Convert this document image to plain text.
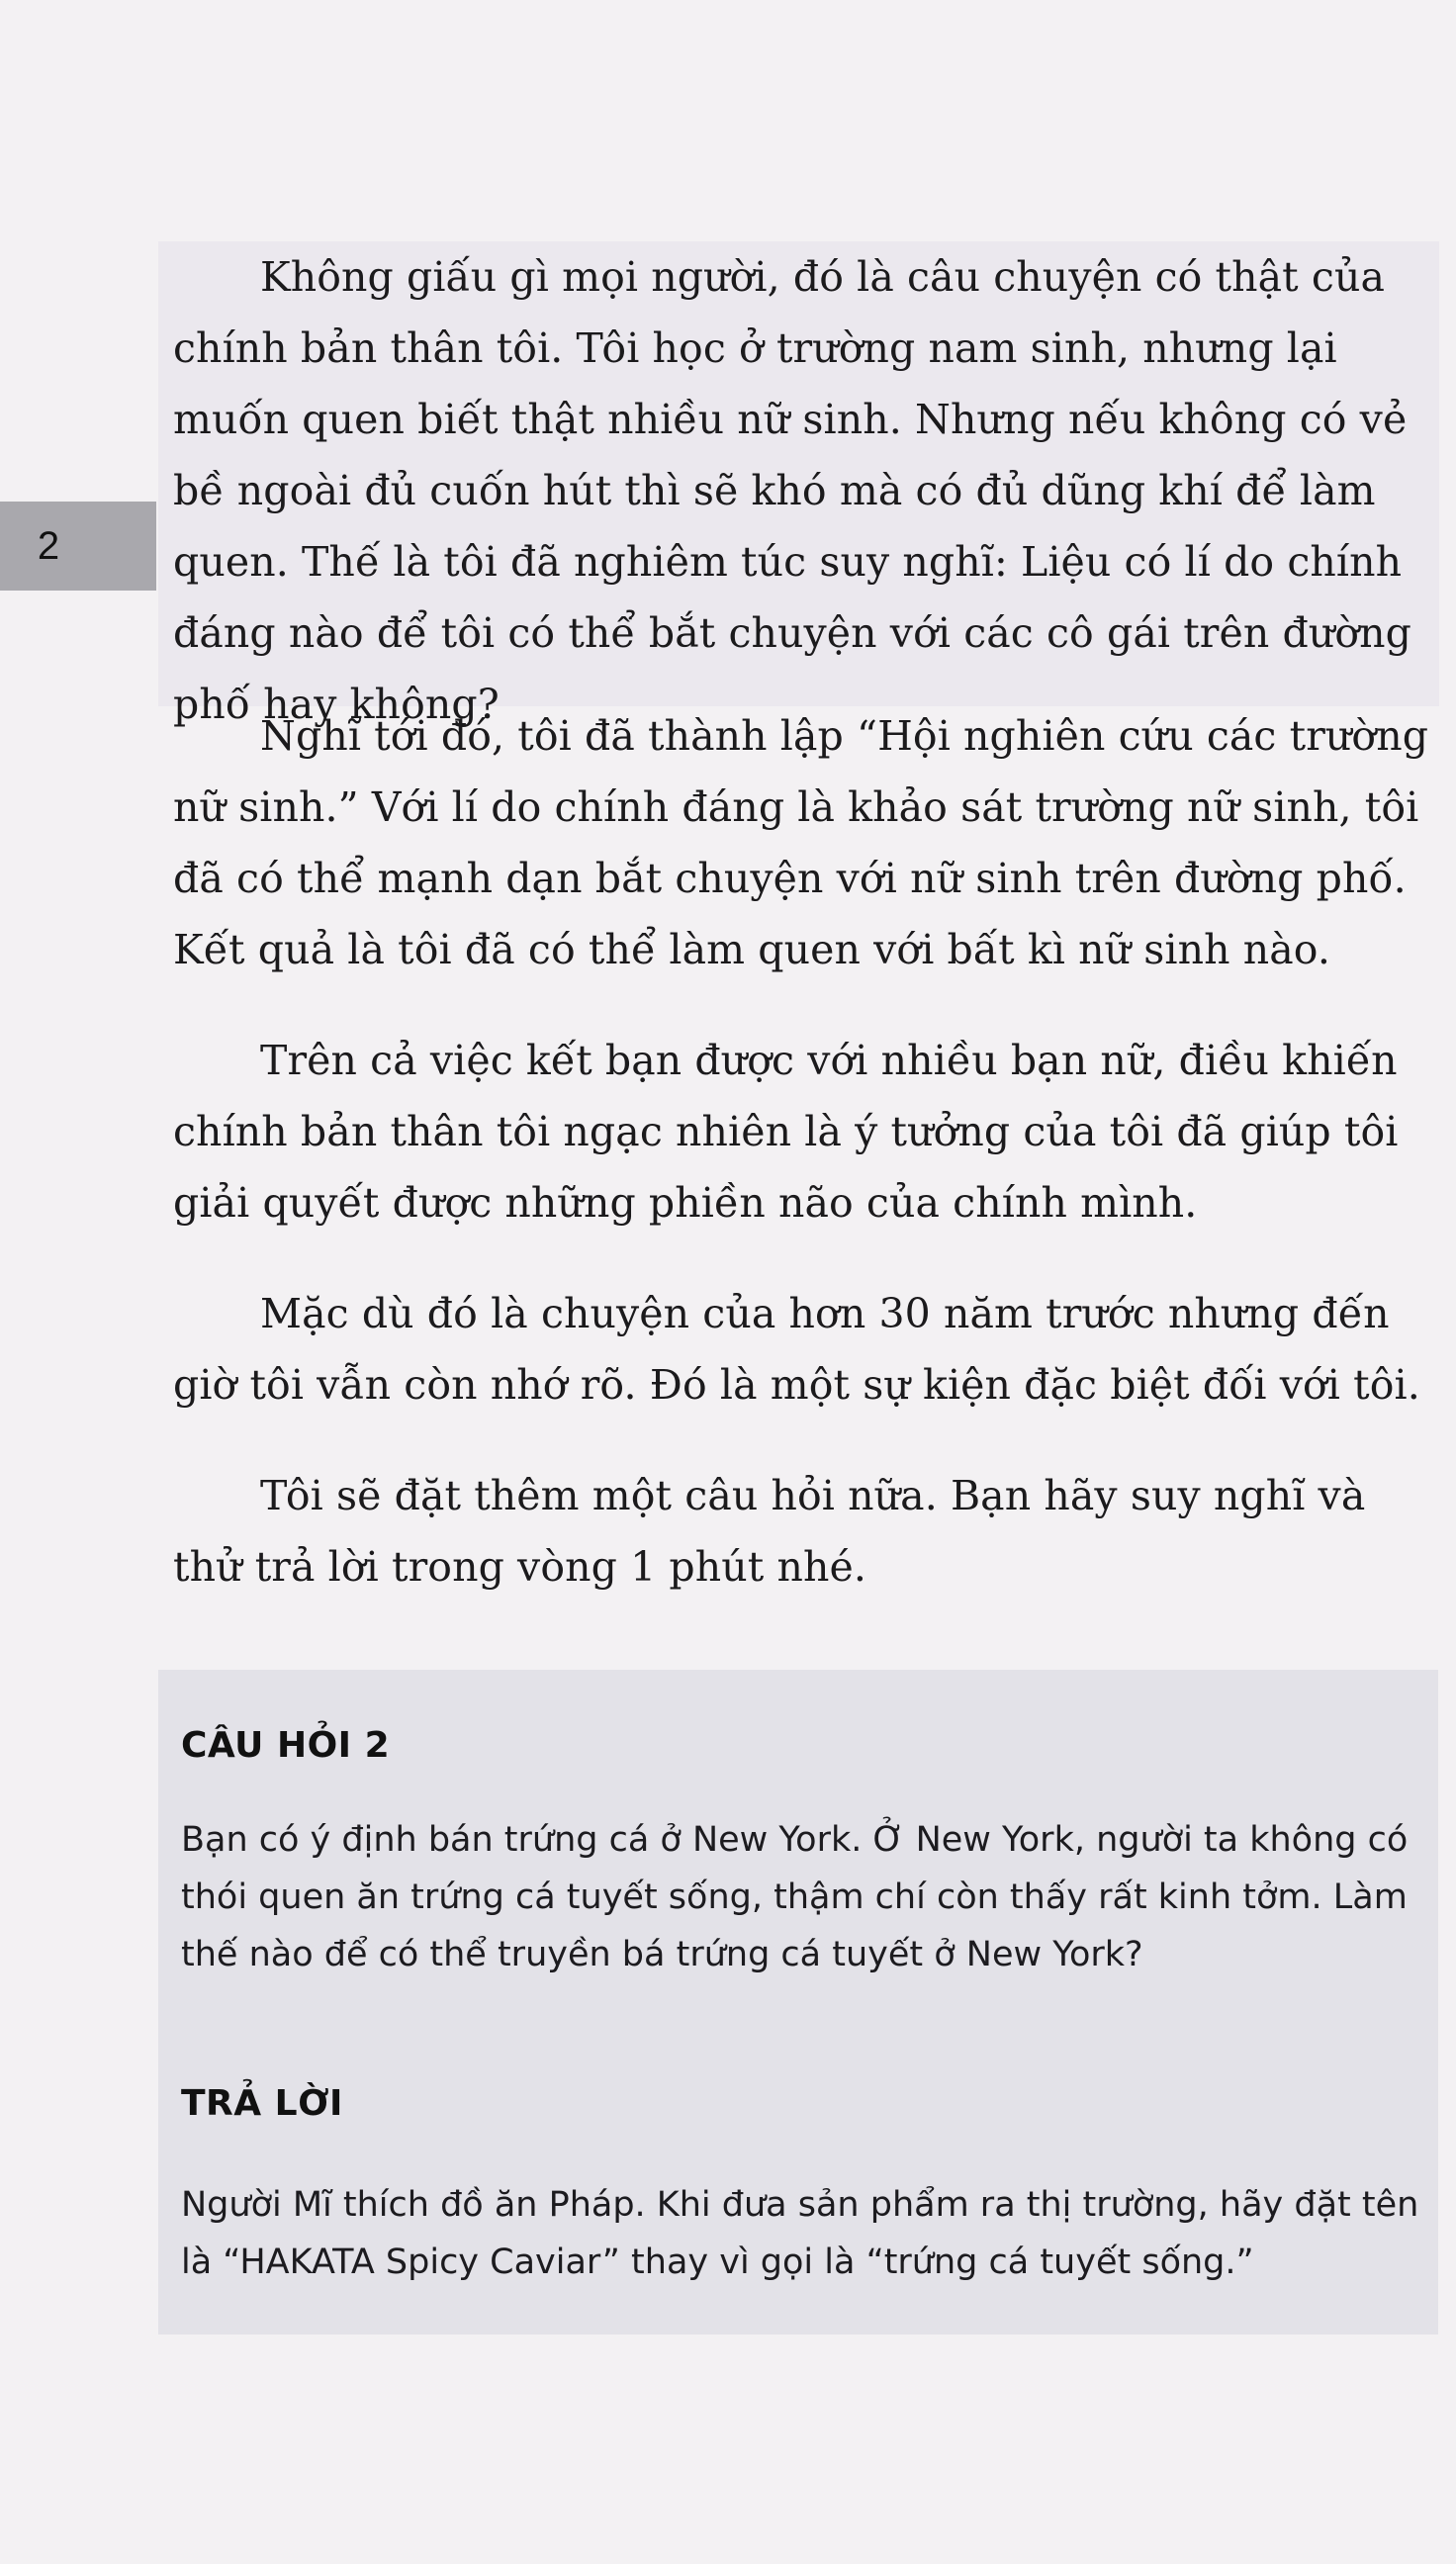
2

Không giấu gì mọi người, đó là câu chuyện có thật của chính bản thân tôi. Tôi học ở trường nam sinh, nhưng lại muốn quen biết thật nhiều nữ sinh. Nhưng nếu không có vẻ bề ngoài đủ cuốn hút thì sẽ khó mà có đủ dũng khí để làm quen. Thế là tôi đã nghiêm túc suy nghĩ: Liệu có lí do chính đáng nào để tôi có thể bắt chuyện với các cô gái trên đường phố hay không?

Nghĩ tới đó, tôi đã thành lập “Hội nghiên cứu các trường nữ sinh.” Với lí do chính đáng là khảo sát trường nữ sinh, tôi đã có thể mạnh dạn bắt chuyện với nữ sinh trên đường phố. Kết quả là tôi đã có thể làm quen với bất kì nữ sinh nào.

Trên cả việc kết bạn được với nhiều bạn nữ, điều khiến chính bản thân tôi ngạc nhiên là ý tưởng của tôi đã giúp tôi giải quyết được những phiền não của chính mình.

Mặc dù đó là chuyện của hơn 30 năm trước nhưng đến giờ tôi vẫn còn nhớ rõ. Đó là một sự kiện đặc biệt đối với tôi.

Tôi sẽ đặt thêm một câu hỏi nữa. Bạn hãy suy nghĩ và thử trả lời trong vòng 1 phút nhé.

CÂU HỎI 2

Bạn có ý định bán trứng cá ở New York. Ở New York, người ta không có thói quen ăn trứng cá tuyết sống, thậm chí còn thấy rất kinh tởm. Làm thế nào để có thể truyền bá trứng cá tuyết ở New York?

TRẢ LỜI

Người Mĩ thích đồ ăn Pháp. Khi đưa sản phẩm ra thị trường, hãy đặt tên là “HAKATA Spicy Caviar” thay vì gọi là “trứng cá tuyết sống.”
